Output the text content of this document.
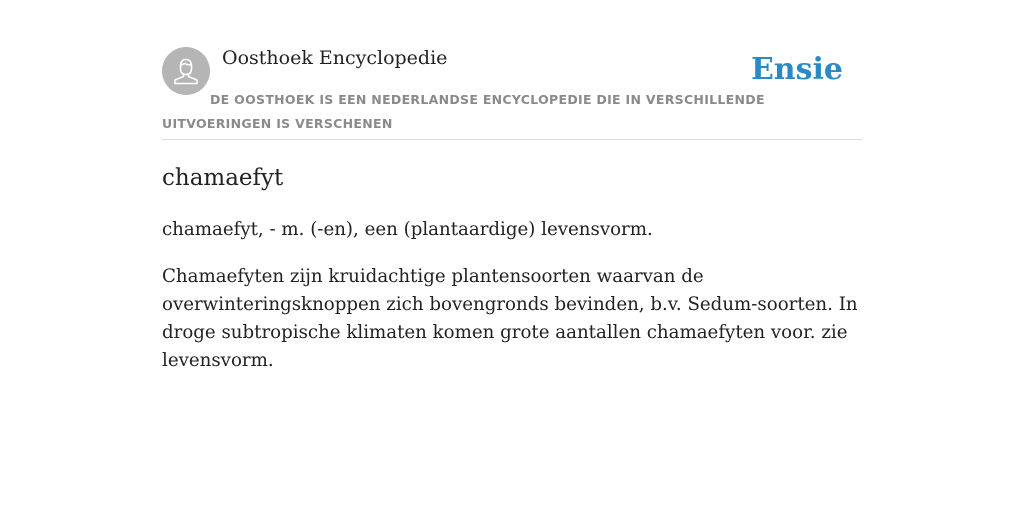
Oosthoek Encyclopedie	Ensie
DE OOSTHOEK IS EEN NEDERLANDSE ENCYCLOPEDIE DIE IN VERSCHILLENDE UITVOERINGEN IS VERSCHENEN
chamaefyt

chamaefyt, - m. (-en), een (plantaardige) levensvorm.

Chamaefyten zijn kruidachtige plantensoorten waarvan de overwinteringsknoppen zich bovengronds bevinden, b.v. Sedum-soorten. In droge subtropische klimaten komen grote aantallen chamaefyten voor. zie levensvorm.
